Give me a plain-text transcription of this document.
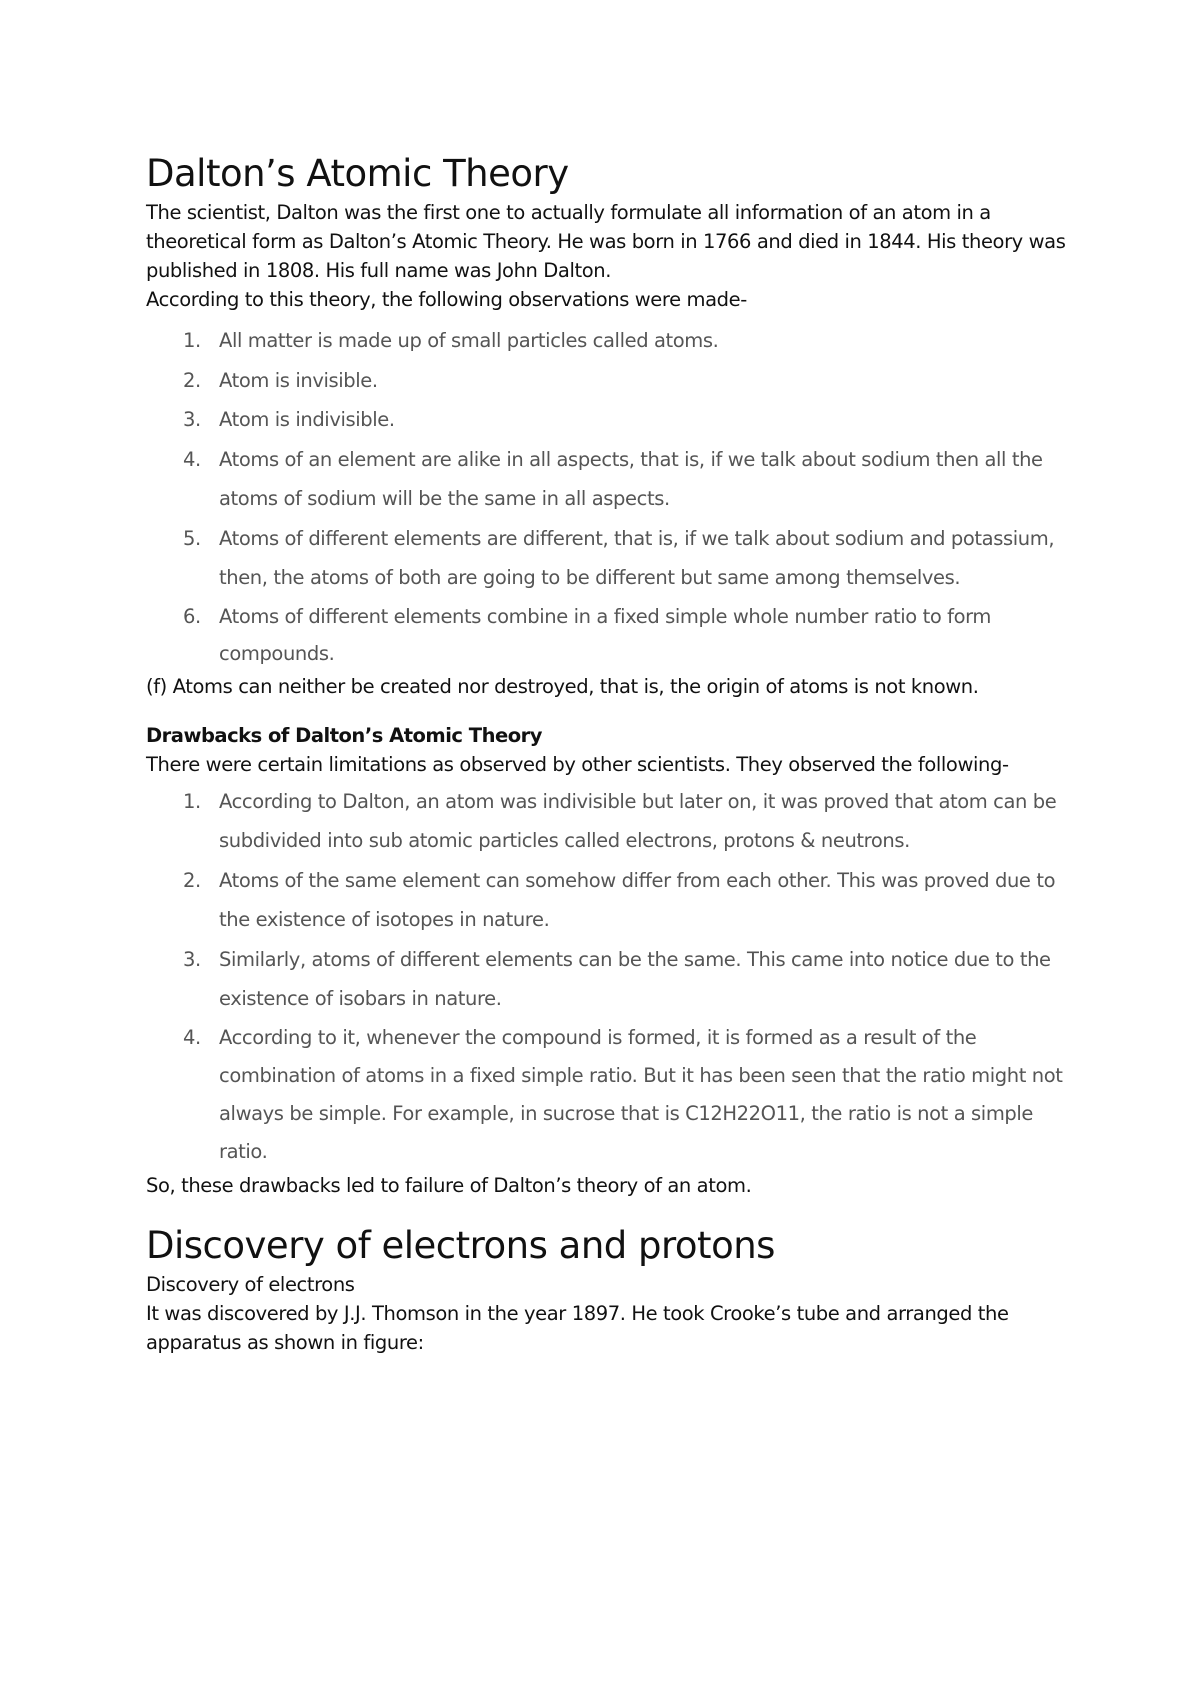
Dalton’s Atomic Theory

The scientist, Dalton was the first one to actually formulate all information of an atom in a theoretical form as Dalton’s Atomic Theory. He was born in 1766 and died in 1844. His theory was published in 1808. His full name was John Dalton.

According to this theory, the following observations were made-

1. All matter is made up of small particles called atoms.
2. Atom is invisible.
3. Atom is indivisible.
4. Atoms of an element are alike in all aspects, that is, if we talk about sodium then all the atoms of sodium will be the same in all aspects.
5. Atoms of different elements are different, that is, if we talk about sodium and potassium, then, the atoms of both are going to be different but same among themselves.
6. Atoms of different elements combine in a fixed simple whole number ratio to form compounds.

(f) Atoms can neither be created nor destroyed, that is, the origin of atoms is not known.

Drawbacks of Dalton’s Atomic Theory

There were certain limitations as observed by other scientists. They observed the following-

1. According to Dalton, an atom was indivisible but later on, it was proved that atom can be subdivided into sub atomic particles called electrons, protons & neutrons.
2. Atoms of the same element can somehow differ from each other. This was proved due to the existence of isotopes in nature.
3. Similarly, atoms of different elements can be the same. This came into notice due to the existence of isobars in nature.
4. According to it, whenever the compound is formed, it is formed as a result of the combination of atoms in a fixed simple ratio. But it has been seen that the ratio might not always be simple. For example, in sucrose that is C12H22O11, the ratio is not a simple ratio.

So, these drawbacks led to failure of Dalton’s theory of an atom.

Discovery of electrons and protons

Discovery of electrons

It was discovered by J.J. Thomson in the year 1897. He took Crooke’s tube and arranged the apparatus as shown in figure:
